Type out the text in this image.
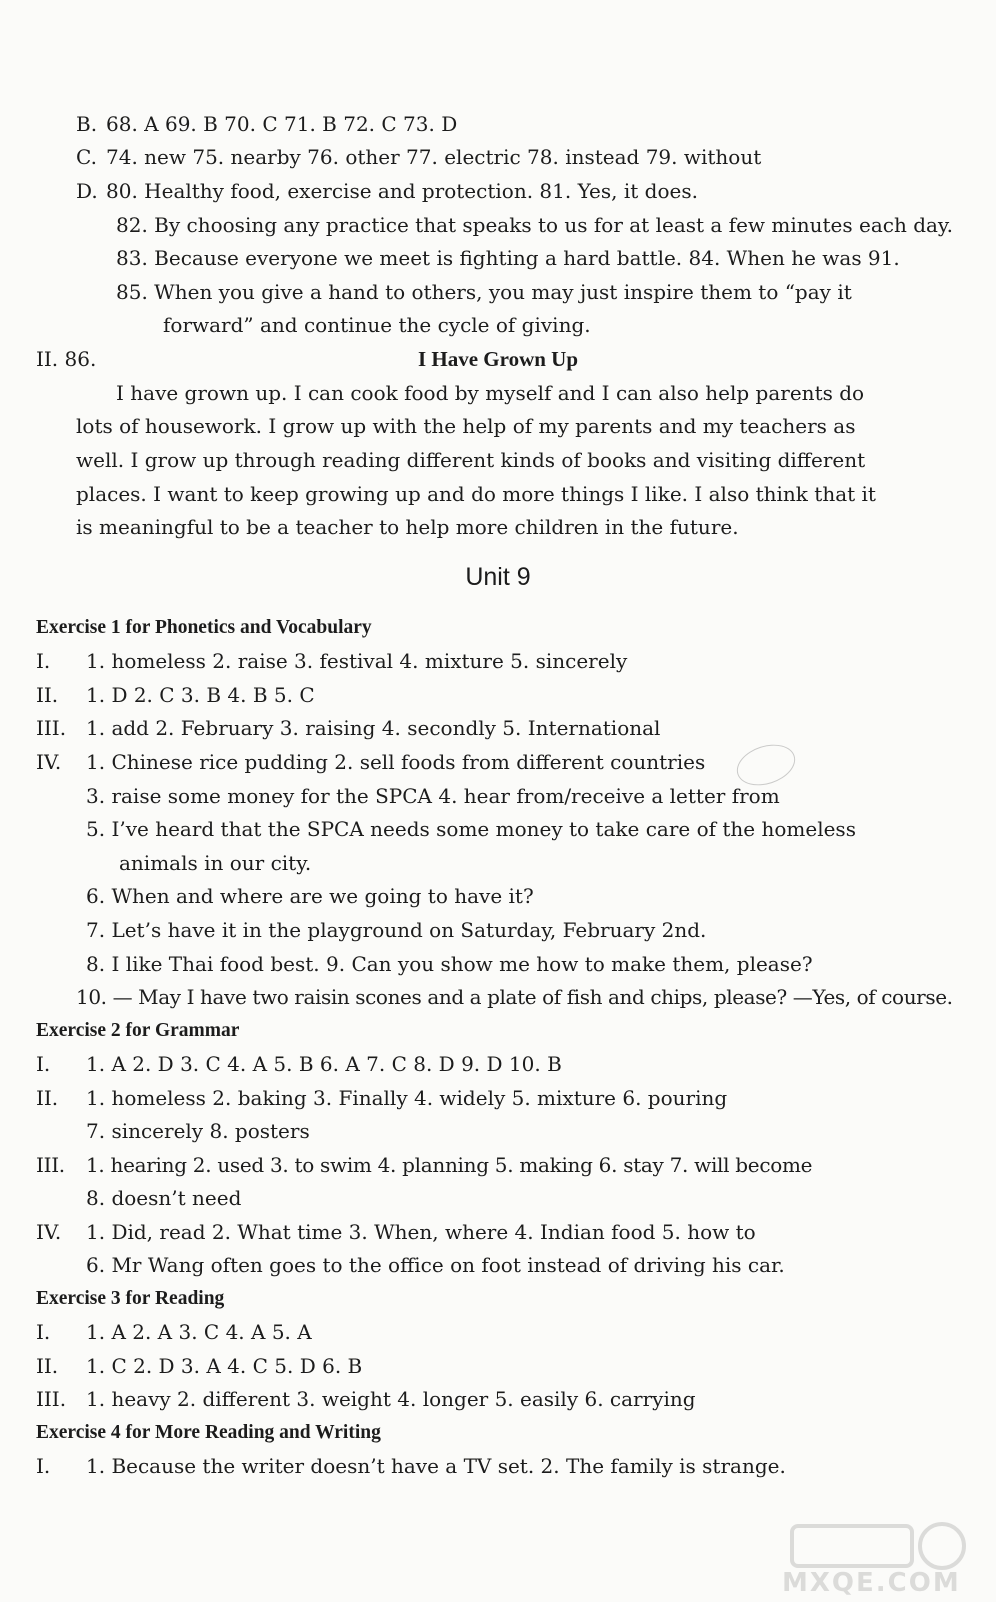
B. 68. A 69. B 70. C 71. B 72. C 73. D
C. 74. new 75. nearby 76. other 77. electric 78. instead 79. without
D. 80. Healthy food, exercise and protection. 81. Yes, it does.
82. By choosing any practice that speaks to us for at least a few minutes each day.
83. Because everyone we meet is fighting a hard battle. 84. When he was 91.
85. When you give a hand to others, you may just inspire them to “pay it
forward” and continue the cycle of giving.
II. 86.	I Have Grown Up
I have grown up. I can cook food by myself and I can also help parents do
lots of housework. I grow up with the help of my parents and my teachers as
well. I grow up through reading different kinds of books and visiting different
places. I want to keep growing up and do more things I like. I also think that it
is meaningful to be a teacher to help more children in the future.
Unit 9
Exercise 1 for Phonetics and Vocabulary
I. 1. homeless 2. raise 3. festival 4. mixture 5. sincerely
II. 1. D 2. C 3. B 4. B 5. C
III. 1. add 2. February 3. raising 4. secondly 5. International
IV. 1. Chinese rice pudding 2. sell foods from different countries
3. raise some money for the SPCA 4. hear from/receive a letter from
5. I’ve heard that the SPCA needs some money to take care of the homeless
animals in our city.
6. When and where are we going to have it?
7. Let’s have it in the playground on Saturday, February 2nd.
8. I like Thai food best. 9. Can you show me how to make them, please?
10. — May I have two raisin scones and a plate of fish and chips, please? —Yes, of course.
Exercise 2 for Grammar
I. 1. A 2. D 3. C 4. A 5. B 6. A 7. C 8. D 9. D 10. B
II. 1. homeless 2. baking 3. Finally 4. widely 5. mixture 6. pouring
7. sincerely 8. posters
III. 1. hearing 2. used 3. to swim 4. planning 5. making 6. stay 7. will become
8. doesn’t need
IV. 1. Did, read 2. What time 3. When, where 4. Indian food 5. how to
6. Mr Wang often goes to the office on foot instead of driving his car.
Exercise 3 for Reading
I. 1. A 2. A 3. C 4. A 5. A
II. 1. C 2. D 3. A 4. C 5. D 6. B
III. 1. heavy 2. different 3. weight 4. longer 5. easily 6. carrying
Exercise 4 for More Reading and Writing
I. 1. Because the writer doesn’t have a TV set. 2. The family is strange.
MXQE.COM
